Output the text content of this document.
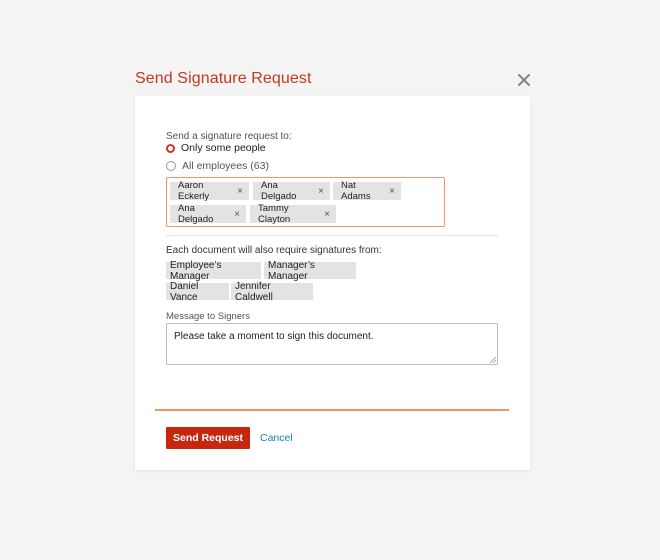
Send Signature Request
Send a signature request to:
Only some people
All employees (63)
Aaron Eckerly	× Ana Delgado	× Nat Adams	×
Ana Delgado	× Tammy Clayton	×
Each document will also require signatures from:
Employee’s Manager
Manager’s Manager
Daniel Vance
Jennifer Caldwell
Message to Signers
Please take a moment to sign this document.
Send Request	Cancel
